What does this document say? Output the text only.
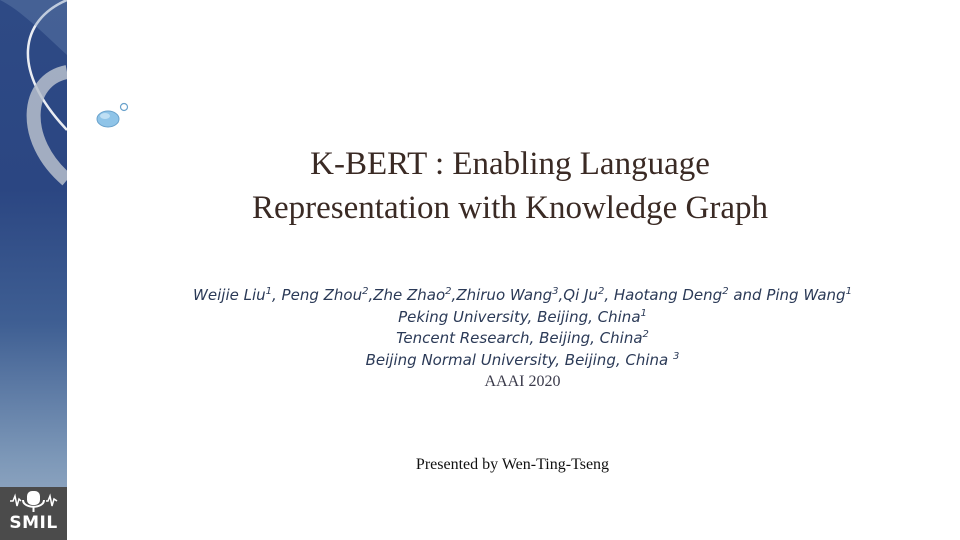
K-BERT : Enabling Language
Representation with Knowledge Graph
Weijie Liu$^1$, Peng Zhou$^2$,Zhe Zhao$^2$,Zhiruo Wang$^3$,Qi Ju$^2$, Haotang Deng$^2$ and Ping Wang$^1$
Peking University, Beijing, China$^1$
Tencent Research, Beijing, China$^2$
Beijing Normal University, Beijing, China $^3$
AAAI 2020
Presented by Wen-Ting-Tseng
SMIL
